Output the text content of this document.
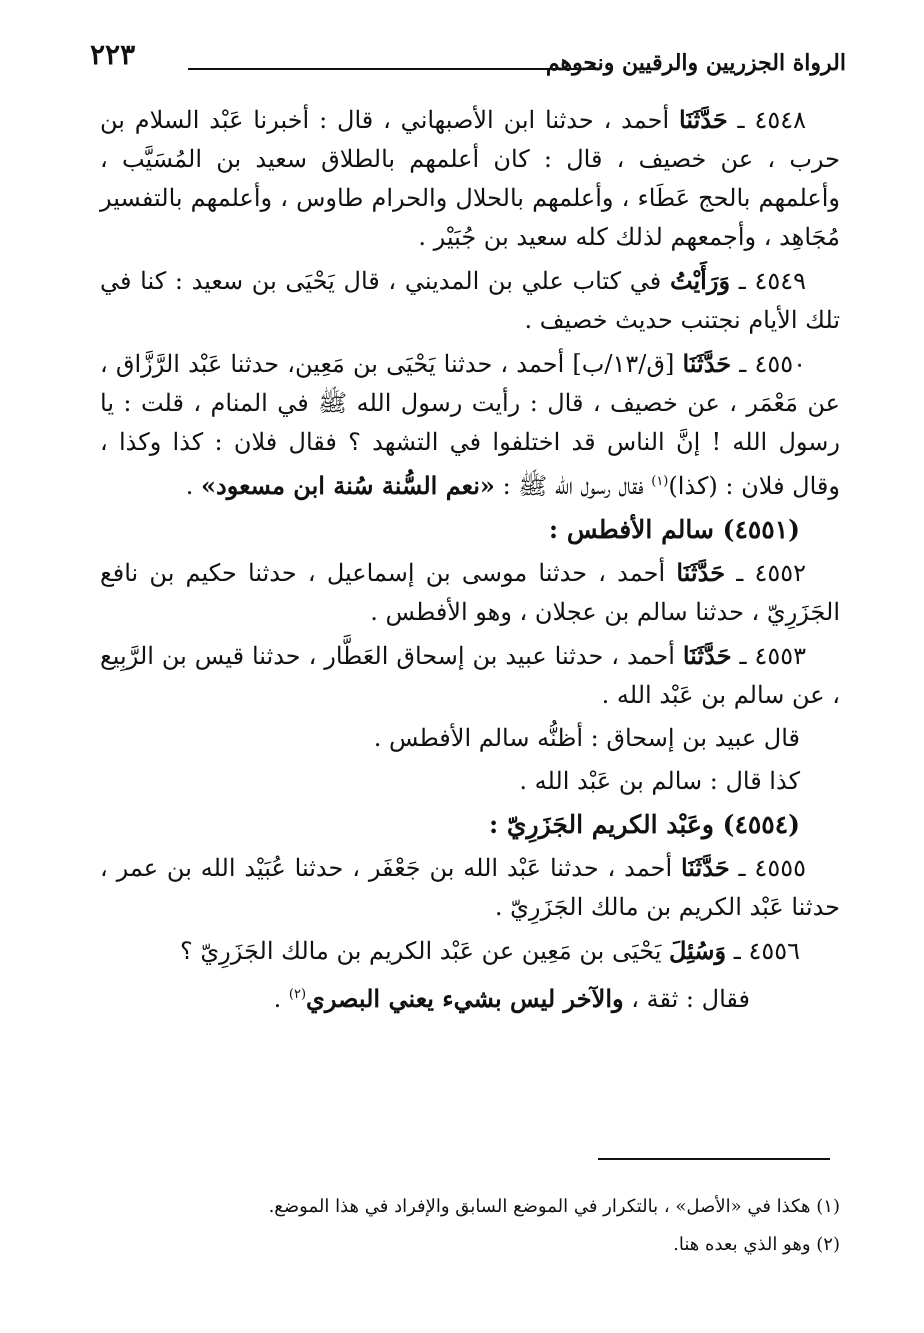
٢٢٣	الرواة الجزريين والرقيين ونحوهم

٤٥٤٨ ـ حَدَّثَنَا أحمد ، حدثنا ابن الأصبهاني ، قال : أخبرنا عَبْد السلام بن حرب ، عن خصيف ، قال : كان أعلمهم بالطلاق سعيد بن المُسَيَّب ، وأعلمهم بالحج عَطَاء ، وأعلمهم بالحلال والحرام طاوس ، وأعلمهم بالتفسير مُجَاهِد ، وأجمعهم لذلك كله سعيد بن جُبَيْر .

٤٥٤٩ ـ وَرَأَيْتُ في كتاب علي بن المديني ، قال يَحْيَى بن سعيد : كنا في تلك الأيام نجتنب حديث خصيف .

٤٥٥٠ ـ حَدَّثَنَا [ق/١٣/ب] أحمد ، حدثنا يَحْيَى بن مَعِين، حدثنا عَبْد الرَّزَّاق ، عن مَعْمَر ، عن خصيف ، قال : رأيت رسول الله ﷺ في المنام ، قلت : يا رسول الله ! إنَّ الناس قد اختلفوا في التشهد ؟ فقال فلان : كذا وكذا ، وقال فلان : (كذا)$^{(١)}$ فقال رسول الله ﷺ : «نعم السُّنة سُنة ابن مسعود» .

(٤٥٥١) سالم الأفطس :

٤٥٥٢ ـ حَدَّثَنَا أحمد ، حدثنا موسى بن إسماعيل ، حدثنا حكيم بن نافع الجَزَرِيّ ، حدثنا سالم بن عجلان ، وهو الأفطس .

٤٥٥٣ ـ حَدَّثَنَا أحمد ، حدثنا عبيد بن إسحاق العَطَّار ، حدثنا قيس بن الرَّبِيع ، عن سالم بن عَبْد الله .

قال عبيد بن إسحاق : أظنُّه سالم الأفطس .

كذا قال : سالم بن عَبْد الله .

(٤٥٥٤) وعَبْد الكريم الجَزَرِيّ :

٤٥٥٥ ـ حَدَّثَنَا أحمد ، حدثنا عَبْد الله بن جَعْفَر ، حدثنا عُبَيْد الله بن عمر ، حدثنا عَبْد الكريم بن مالك الجَزَرِيّ .

٤٥٥٦ ـ وَسُئِلَ يَحْيَى بن مَعِين عن عَبْد الكريم بن مالك الجَزَرِيّ ؟

فقال : ثقة ، والآخر ليس بشيء يعني البصري$^{(٢)}$ .

(١) هكذا في «الأصل» ، بالتكرار في الموضع السابق والإفراد في هذا الموضع.

(٢) وهو الذي بعده هنا.
